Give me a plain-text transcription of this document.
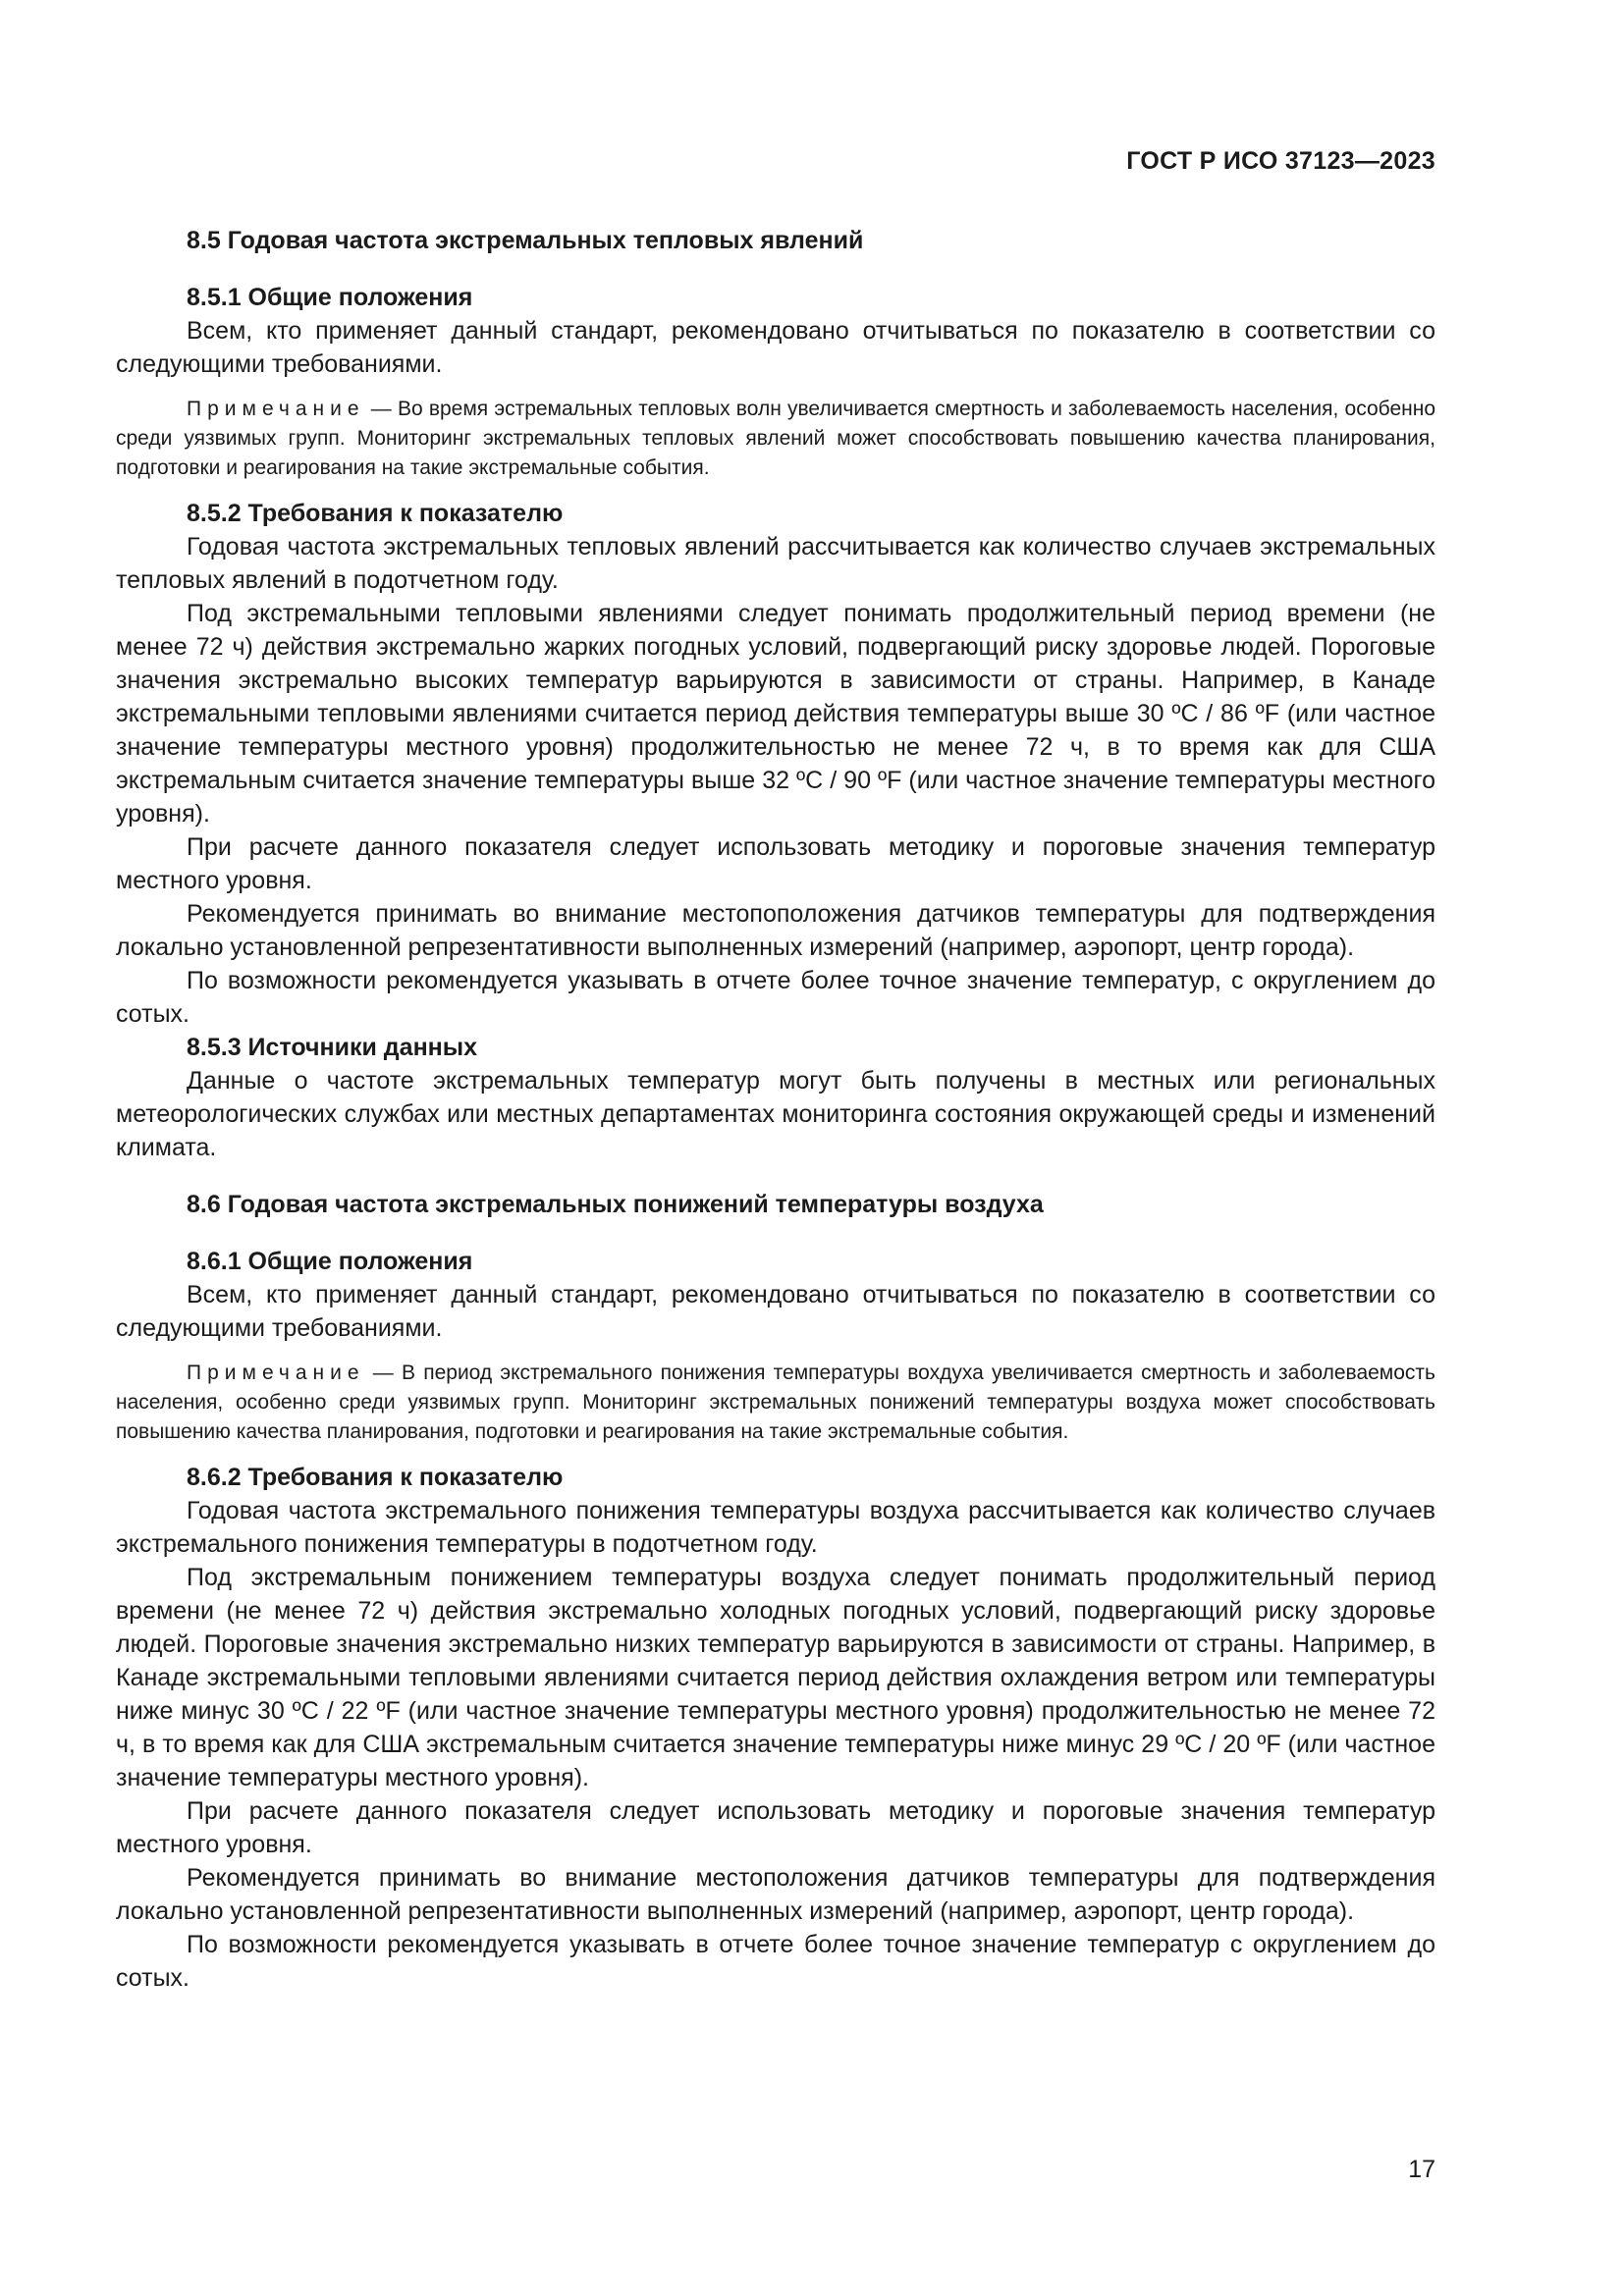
ГОСТ Р ИСО 37123—2023
8.5 Годовая частота экстремальных тепловых явлений
8.5.1 Общие положения

Всем, кто применяет данный стандарт, рекомендовано отчитываться по показателю в соответствии со следующими требованиями.

Примечание — Во время эстремальных тепловых волн увеличивается смертность и заболеваемость населения, особенно среди уязвимых групп. Мониторинг экстремальных тепловых явлений может способствовать повышению качества планирования, подготовки и реагирования на такие экстремальные события.

8.5.2 Требования к показателю

Годовая частота экстремальных тепловых явлений рассчитывается как количество случаев экстремальных тепловых явлений в подотчетном году.

Под экстремальными тепловыми явлениями следует понимать продолжительный период времени (не менее 72 ч) действия экстремально жарких погодных условий, подвергающий риску здоровье людей. Пороговые значения экстремально высоких температур варьируются в зависимости от страны. Например, в Канаде экстремальными тепловыми явлениями считается период действия температуры выше 30 ºС / 86 ºF (или частное значение температуры местного уровня) продолжительностью не менее 72 ч, в то время как для США экстремальным считается значение температуры выше 32 ºС / 90 ºF (или частное значение температуры местного уровня).

При расчете данного показателя следует использовать методику и пороговые значения температур местного уровня.

Рекомендуется принимать во внимание местопоположения датчиков температуры для подтверждения локально установленной репрезентативности выполненных измерений (например, аэропорт, центр города).

По возможности рекомендуется указывать в отчете более точное значение температур, с округлением до сотых.

8.5.3 Источники данных

Данные о частоте экстремальных температур могут быть получены в местных или региональных метеорологических службах или местных департаментах мониторинга состояния окружающей среды и изменений климата.

8.6 Годовая частота экстремальных понижений температуры воздуха
8.6.1 Общие положения

Всем, кто применяет данный стандарт, рекомендовано отчитываться по показателю в соответствии со следующими требованиями.

Примечание — В период экстремального понижения температуры вохдуха увеличивается смертность и заболеваемость населения, особенно среди уязвимых групп. Мониторинг экстремальных понижений температуры воздуха может способствовать повышению качества планирования, подготовки и реагирования на такие экстремальные события.

8.6.2 Требования к показателю

Годовая частота экстремального понижения температуры воздуха рассчитывается как количество случаев экстремального понижения температуры в подотчетном году.

Под экстремальным понижением температуры воздуха следует понимать продолжительный период времени (не менее 72 ч) действия экстремально холодных погодных условий, подвергающий риску здоровье людей. Пороговые значения экстремально низких температур варьируются в зависимости от страны. Например, в Канаде экстремальными тепловыми явлениями считается период действия охлаждения ветром или температуры ниже минус 30 ºС / 22 ºF (или частное значение температуры местного уровня) продолжительностью не менее 72 ч, в то время как для США экстремальным считается значение температуры ниже минус 29 ºС / 20 ºF (или частное значение температуры местного уровня).

При расчете данного показателя следует использовать методику и пороговые значения температур местного уровня.

Рекомендуется принимать во внимание местоположения датчиков температуры для подтверждения локально установленной репрезентативности выполненных измерений (например, аэропорт, центр города).

По возможности рекомендуется указывать в отчете более точное значение температур с округлением до сотых.

17
